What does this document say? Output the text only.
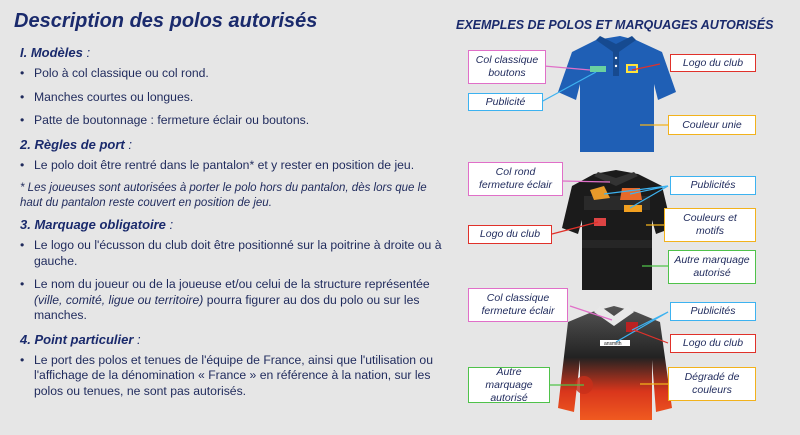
Description des polos autorisés
I. Modèles :
• Polo à col classique ou col rond.
• Manches courtes ou longues.
• Patte de boutonnage : fermeture éclair ou boutons.
2. Règles de port :
• Le polo doit être rentré dans le pantalon* et y rester en position de jeu.
* Les joueuses sont autorisées à porter le polo hors du pantalon, dès lors que le haut du pantalon reste couvert en position de jeu.
3. Marquage obligatoire :
• Le logo ou l'écusson du club doit être positionné sur la poitrine à droite ou à gauche.
• Le nom du joueur ou de la joueuse et/ou celui de la structure représentée (ville, comité, ligue ou territoire) pourra figurer au dos du polo ou sur les manches.
4. Point particulier :
• Le port des polos et tenues de l'équipe de France, ainsi que l'utilisation ou l'affichage de la dénomination « France » en référence à la nation, sur les polos ou tenues, ne sont pas autorisés.
EXEMPLES DE POLOS ET MARQUAGES AUTORISÉS
ansmith
Col classique boutons
Logo du club
Publicité
Couleur unie
Col rond fermeture éclair	Publicités
Couleurs et motifs
Logo du club
Autre marquage autorisé
Col classique fermeture éclair	Publicités
Logo du club
Autre marquage autorisé
Dégradé de couleurs
